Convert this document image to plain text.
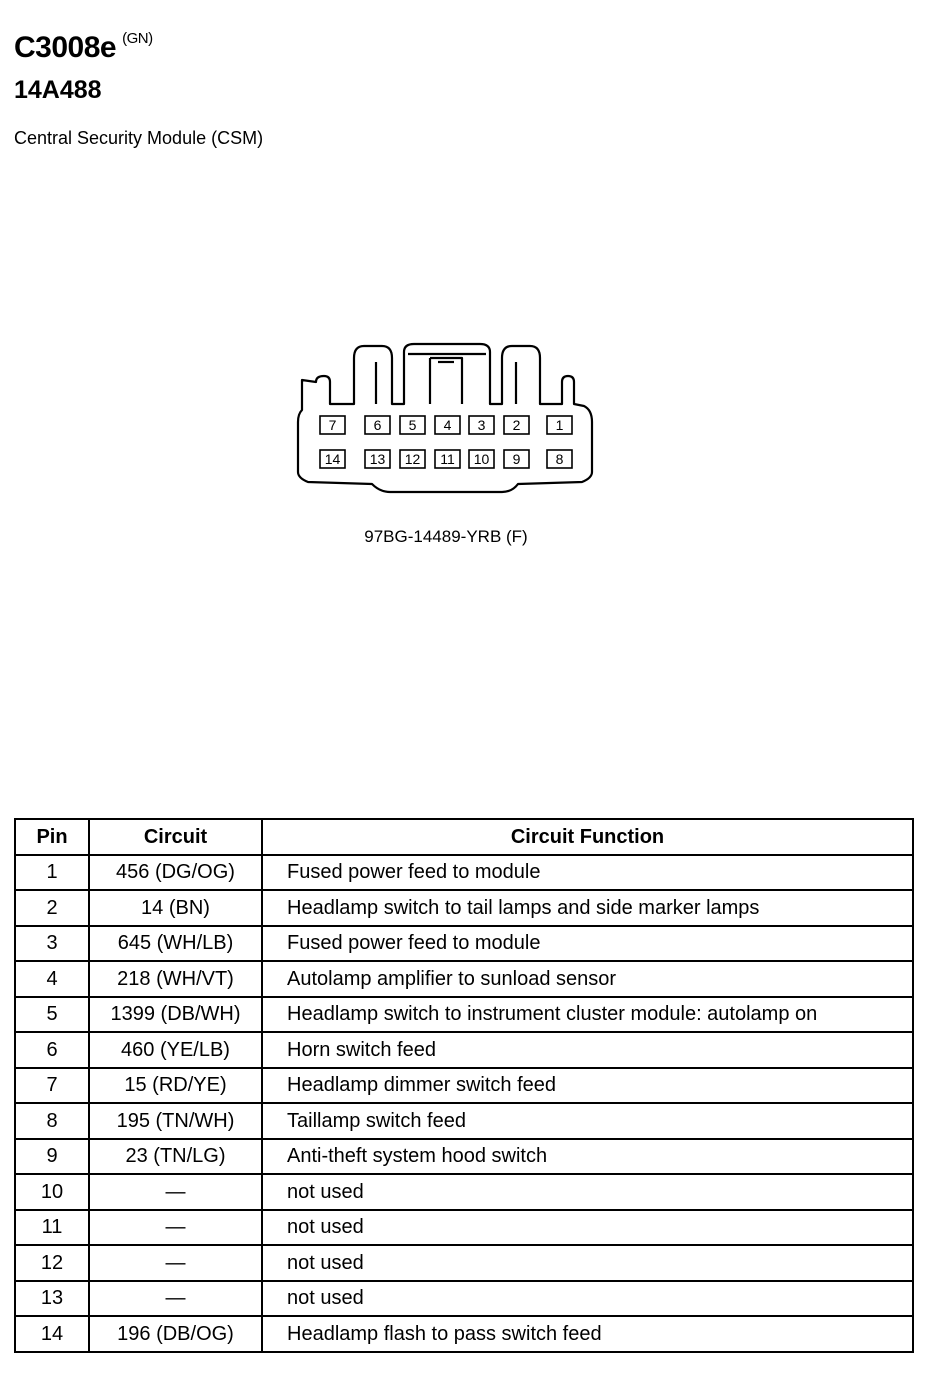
C3008e $^{(GN)}$
14A488
Central Security Module (CSM)
7	6 5 4 3 2	1
14 13 12 11 10 9	8
97BG-14489-YRB (F)
Pin	Circuit	Circuit Function
1	456 (DG/OG)	Fused power feed to module
2	14 (BN)	Headlamp switch to tail lamps and side marker lamps
3	645 (WH/LB)	Fused power feed to module
4	218 (WH/VT)	Autolamp amplifier to sunload sensor
5	1399 (DB/WH)	Headlamp switch to instrument cluster module: autolamp on
6	460 (YE/LB)	Horn switch feed
7	15 (RD/YE)	Headlamp dimmer switch feed
8	195 (TN/WH)	Taillamp switch feed
9	23 (TN/LG)	Anti-theft system hood switch
10	—	not used
11	—	not used
12	—	not used
13	—	not used
14	196 (DB/OG)	Headlamp flash to pass switch feed
